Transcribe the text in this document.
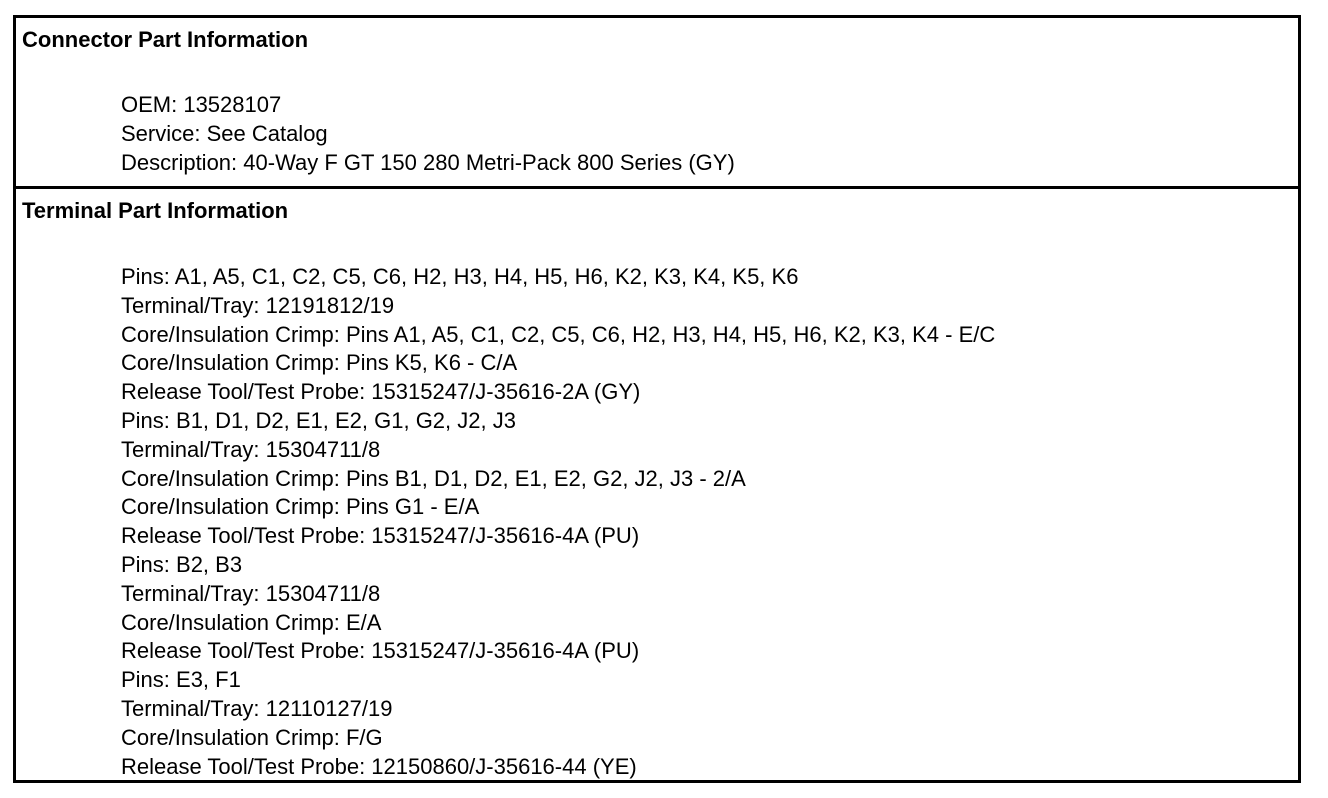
Connector Part Information
OEM: 13528107
Service: See Catalog
Description: 40-Way F GT 150 280 Metri-Pack 800 Series (GY)
Terminal Part Information
Pins: A1, A5, C1, C2, C5, C6, H2, H3, H4, H5, H6, K2, K3, K4, K5, K6
Terminal/Tray: 12191812/19
Core/Insulation Crimp: Pins A1, A5, C1, C2, C5, C6, H2, H3, H4, H5, H6, K2, K3, K4 - E/C
Core/Insulation Crimp: Pins K5, K6 - C/A
Release Tool/Test Probe: 15315247/J-35616-2A (GY)
Pins: B1, D1, D2, E1, E2, G1, G2, J2, J3
Terminal/Tray: 15304711/8
Core/Insulation Crimp: Pins B1, D1, D2, E1, E2, G2, J2, J3 - 2/A
Core/Insulation Crimp: Pins G1 - E/A
Release Tool/Test Probe: 15315247/J-35616-4A (PU)
Pins: B2, B3
Terminal/Tray: 15304711/8
Core/Insulation Crimp: E/A
Release Tool/Test Probe: 15315247/J-35616-4A (PU)
Pins: E3, F1
Terminal/Tray: 12110127/19
Core/Insulation Crimp: F/G
Release Tool/Test Probe: 12150860/J-35616-44 (YE)
